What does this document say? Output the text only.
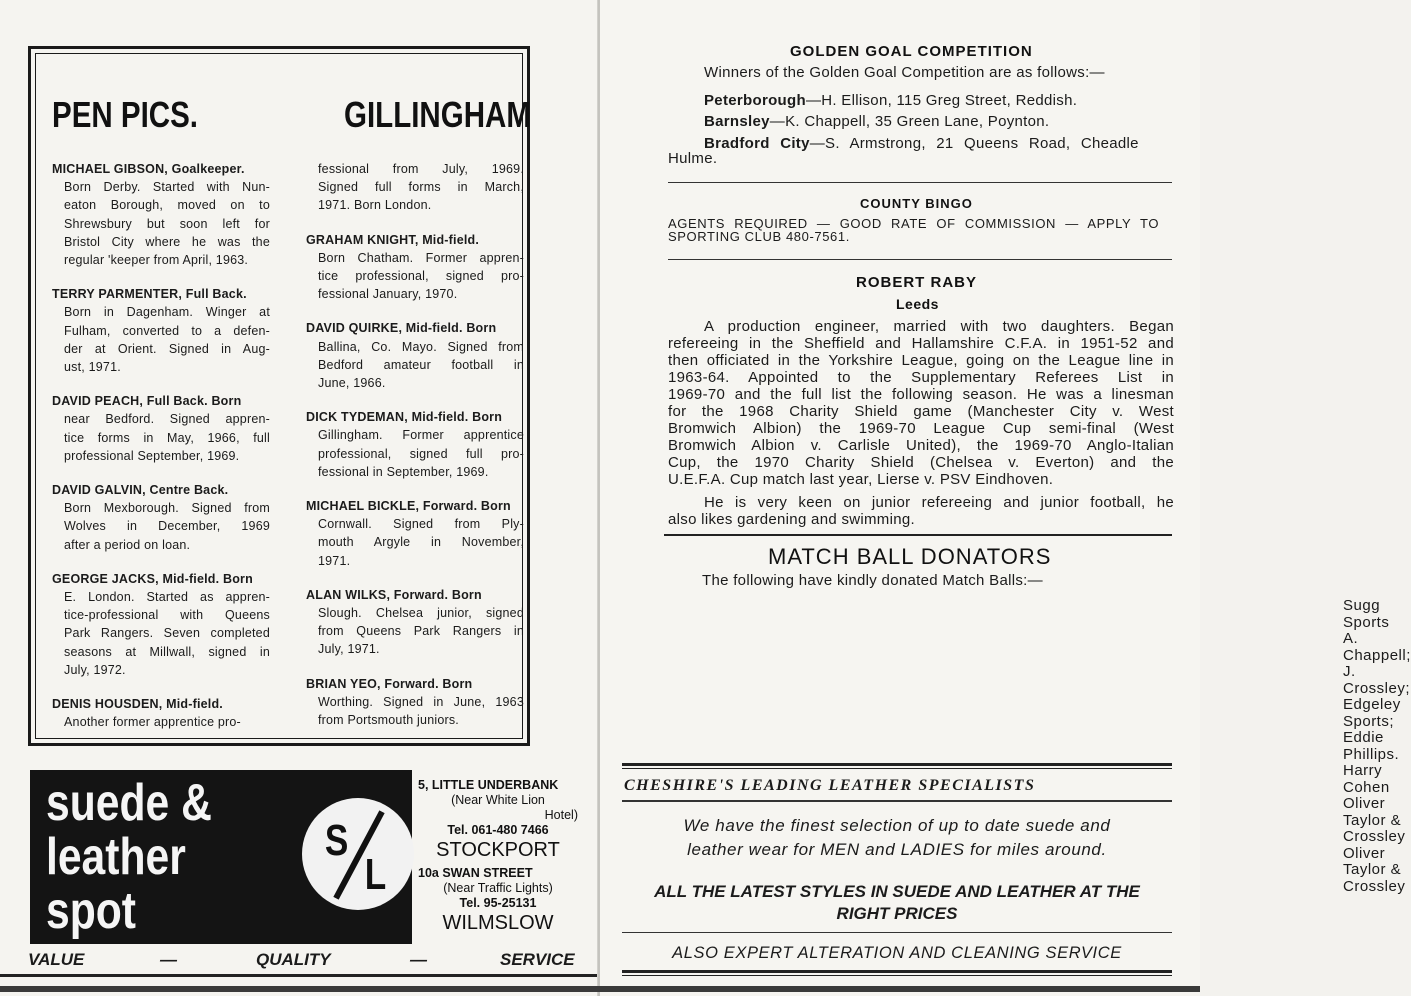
PEN PICS.	GILLINGHAM
MICHAEL GIBSON, Goalkeeper.
Born Derby. Started with Nun-
eaton Borough, moved on to
Shrewsbury but soon left for
Bristol City where he was the
regular 'keeper from April, 1963.
TERRY PARMENTER, Full Back.
Born in Dagenham. Winger at
Fulham, converted to a defen-
der at Orient. Signed in Aug-
ust, 1971.
DAVID PEACH, Full Back. Born
near Bedford. Signed appren-
tice forms in May, 1966, full
professional September, 1969.
DAVID GALVIN, Centre Back.
Born Mexborough. Signed from
Wolves in December, 1969
after a period on loan.
GEORGE JACKS, Mid-field. Born
E. London. Started as appren-
tice-professional with Queens
Park Rangers. Seven completed
seasons at Millwall, signed in
July, 1972.
DENIS HOUSDEN, Mid-field.
Another former apprentice pro-
fessional from July, 1969.
Signed full forms in March,
1971. Born London.
GRAHAM KNIGHT, Mid-field.
Born Chatham. Former appren-
tice professional, signed pro-
fessional January, 1970.
DAVID QUIRKE, Mid-field. Born
Ballina, Co. Mayo. Signed from
Bedford amateur football in
June, 1966.
DICK TYDEMAN, Mid-field. Born
Gillingham. Former apprentice
professional, signed full pro-
fessional in September, 1969.
MICHAEL BICKLE, Forward. Born
Cornwall. Signed from Ply-
mouth Argyle in November,
1971.
ALAN WILKS, Forward. Born
Slough. Chelsea junior, signed
from Queens Park Rangers in
July, 1971.
BRIAN YEO, Forward. Born
Worthing. Signed in June, 1963
from Portsmouth juniors.
suede &
leather
spot
S
L
5, LITTLE UNDERBANK
(Near White Lion
Hotel)
Tel. 061-480 7466
STOCKPORT
10a SWAN STREET
(Near Traffic Lights)
Tel. 95-25131
WILMSLOW
VALUE	—	QUALITY	—	SERVICE
GOLDEN GOAL COMPETITION
Winners of the Golden Goal Competition are as follows:—
Peterborough—H. Ellison, 115 Greg Street, Reddish.
Barnsley—K. Chappell, 35 Green Lane, Poynton.
Bradford City—S. Armstrong, 21 Queens Road, Cheadle
Hulme.
COUNTY BINGO
AGENTS REQUIRED — GOOD RATE OF COMMISSION — APPLY TO
SPORTING CLUB 480-7561.
ROBERT RABY
Leeds
A production engineer, married with two daughters. Began
refereeing in the Sheffield and Hallamshire C.F.A. in 1951-52 and
then officiated in the Yorkshire League, going on the League line in
1963-64. Appointed to the Supplementary Referees List in
1969-70 and the full list the following season. He was a linesman
for the 1968 Charity Shield game (Manchester City v. West
Bromwich Albion) the 1969-70 League Cup semi-final (West
Bromwich Albion v. Carlisle United), the 1969-70 Anglo-Italian
Cup, the 1970 Charity Shield (Chelsea v. Everton) and the
U.E.F.A. Cup match last year, Lierse v. PSV Eindhoven.
He is very keen on junior refereeing and junior football, he
also likes gardening and swimming.
MATCH BALL DONATORS
The following have kindly donated Match Balls:—
Sugg Sports
A. Chappell;
J. Crossley;
Edgeley Sports;
Eddie Phillips.
Harry Cohen
Oliver Taylor & Crossley
Oliver Taylor & Crossley
CHESHIRE'S LEADING LEATHER SPECIALISTS
We have the finest selection of up to date suede and
leather wear for MEN and LADIES for miles around.
ALL THE LATEST STYLES IN SUEDE AND LEATHER AT THE
RIGHT PRICES
ALSO EXPERT ALTERATION AND CLEANING SERVICE
